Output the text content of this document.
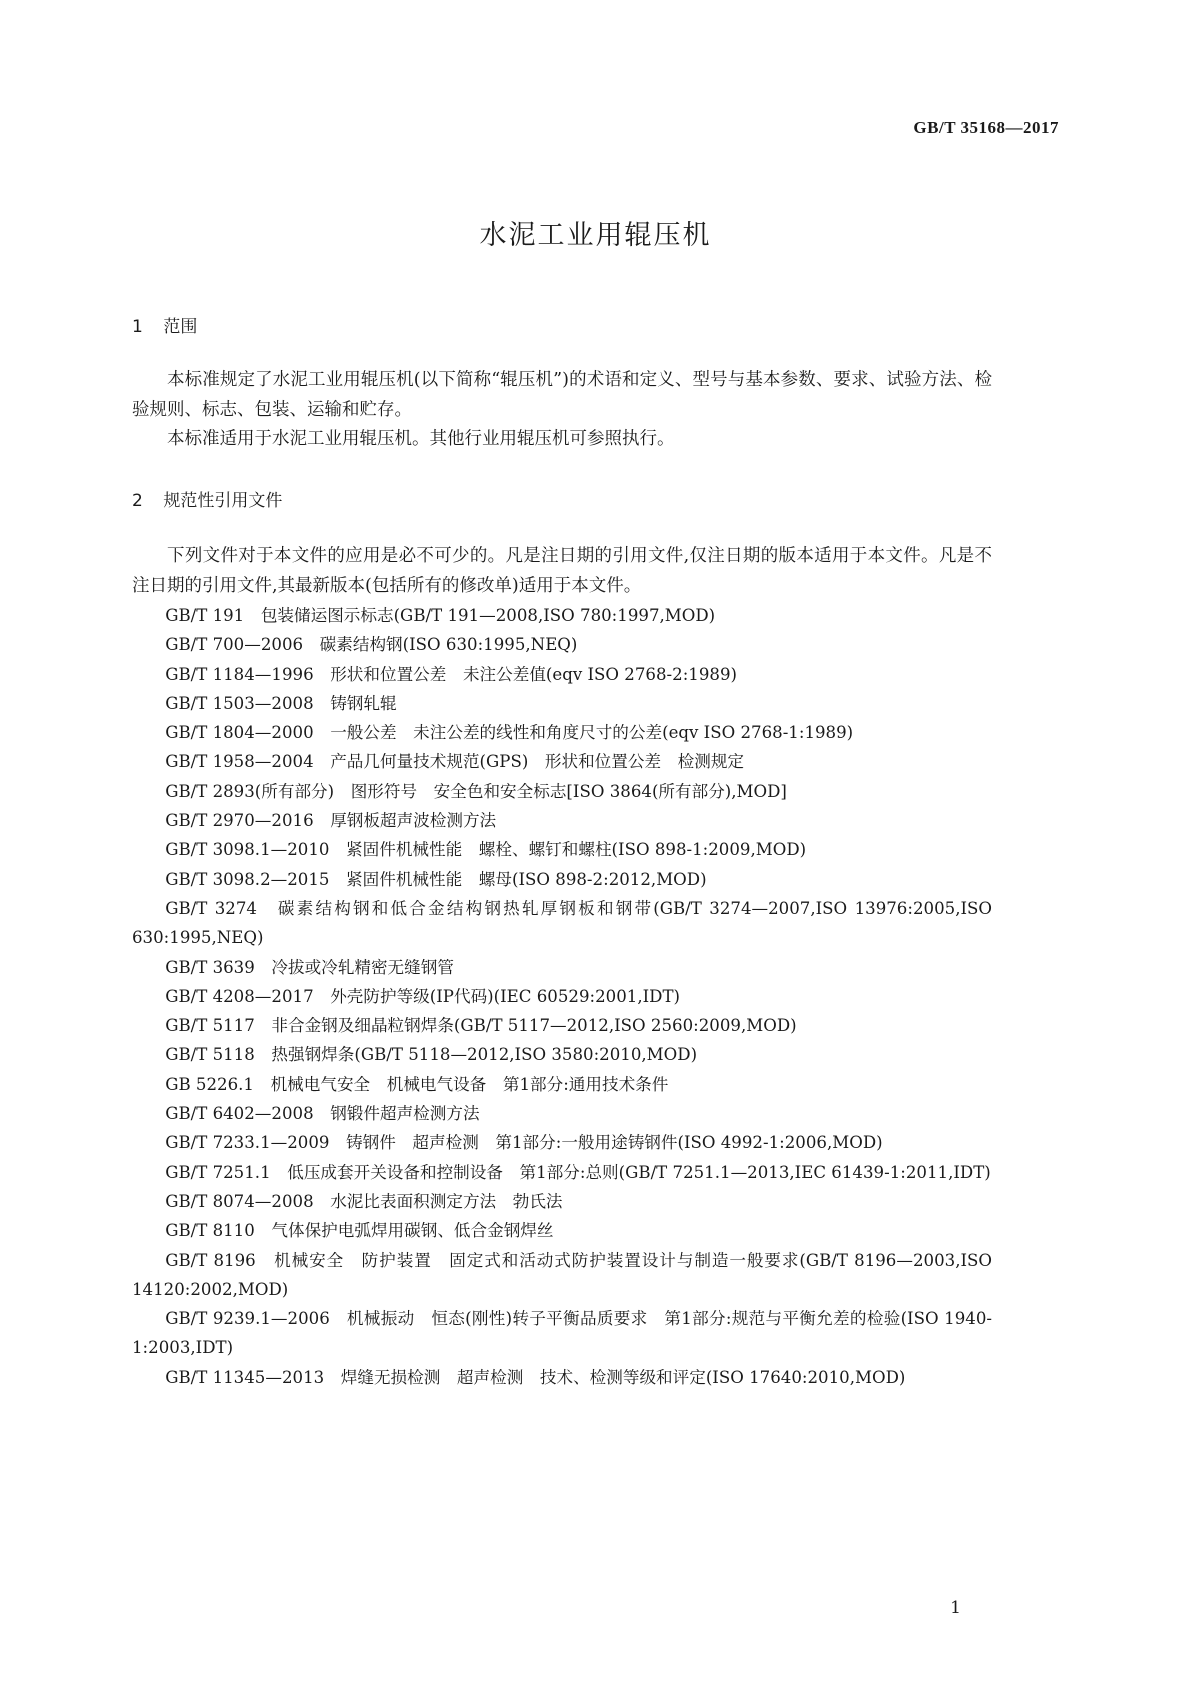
GB/T 35168—2017
水泥工业用辊压机
1 范围

本标准规定了水泥工业用辊压机(以下简称“辊压机”)的术语和定义、型号与基本参数、要求、试验方法、检验规则、标志、包装、运输和贮存。

本标准适用于水泥工业用辊压机。其他行业用辊压机可参照执行。

2 规范性引用文件

下列文件对于本文件的应用是必不可少的。凡是注日期的引用文件,仅注日期的版本适用于本文件。凡是不注日期的引用文件,其最新版本(包括所有的修改单)适用于本文件。

GB/T 191　包装储运图示标志(GB/T 191—2008,ISO 780:1997,MOD)
GB/T 700—2006　碳素结构钢(ISO 630:1995,NEQ)
GB/T 1184—1996　形状和位置公差　未注公差值(eqv ISO 2768-2:1989)
GB/T 1503—2008　铸钢轧辊
GB/T 1804—2000　一般公差　未注公差的线性和角度尺寸的公差(eqv ISO 2768-1:1989)
GB/T 1958—2004　产品几何量技术规范(GPS)　形状和位置公差　检测规定
GB/T 2893(所有部分)　图形符号　安全色和安全标志[ISO 3864(所有部分),MOD]
GB/T 2970—2016　厚钢板超声波检测方法
GB/T 3098.1—2010　紧固件机械性能　螺栓、螺钉和螺柱(ISO 898-1:2009,MOD)
GB/T 3098.2—2015　紧固件机械性能　螺母(ISO 898-2:2012,MOD)
GB/T 3274　碳素结构钢和低合金结构钢热轧厚钢板和钢带(GB/T 3274—2007,ISO 13976:2005,ISO 630:1995,NEQ)
GB/T 3639　冷拔或冷轧精密无缝钢管
GB/T 4208—2017　外壳防护等级(IP代码)(IEC 60529:2001,IDT)
GB/T 5117　非合金钢及细晶粒钢焊条(GB/T 5117—2012,ISO 2560:2009,MOD)
GB/T 5118　热强钢焊条(GB/T 5118—2012,ISO 3580:2010,MOD)
GB 5226.1　机械电气安全　机械电气设备　第1部分:通用技术条件
GB/T 6402—2008　钢锻件超声检测方法
GB/T 7233.1—2009　铸钢件　超声检测　第1部分:一般用途铸钢件(ISO 4992-1:2006,MOD)
GB/T 7251.1　低压成套开关设备和控制设备　第1部分:总则(GB/T 7251.1—2013,IEC 61439-1:2011,IDT)
GB/T 8074—2008　水泥比表面积测定方法　勃氏法
GB/T 8110　气体保护电弧焊用碳钢、低合金钢焊丝
GB/T 8196　机械安全　防护装置　固定式和活动式防护装置设计与制造一般要求(GB/T 8196—2003,ISO 14120:2002,MOD)
GB/T 9239.1—2006　机械振动　恒态(刚性)转子平衡品质要求　第1部分:规范与平衡允差的检验(ISO 1940-1:2003,IDT)
GB/T 11345—2013　焊缝无损检测　超声检测　技术、检测等级和评定(ISO 17640:2010,MOD)
1
